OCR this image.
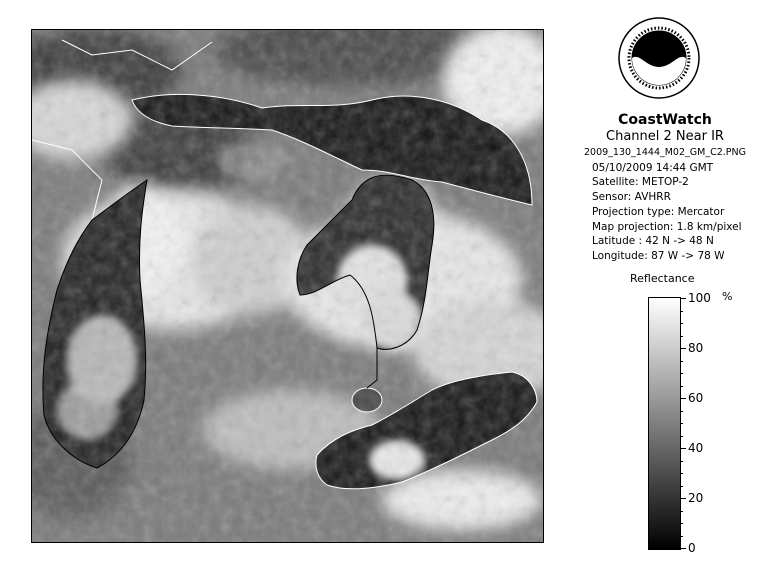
CoastWatch
Channel 2 Near IR
2009_130_1444_M02_GM_C2.PNG
05/10/2009 14:44 GMT
Satellite: METOP-2
Sensor: AVHRR
Projection type: Mercator
Map projection: 1.8 km/pixel
Latitude : 42 N -> 48 N
Longitude: 87 W -> 78 W
Reflectance
%
100
80
60
40
20
0
